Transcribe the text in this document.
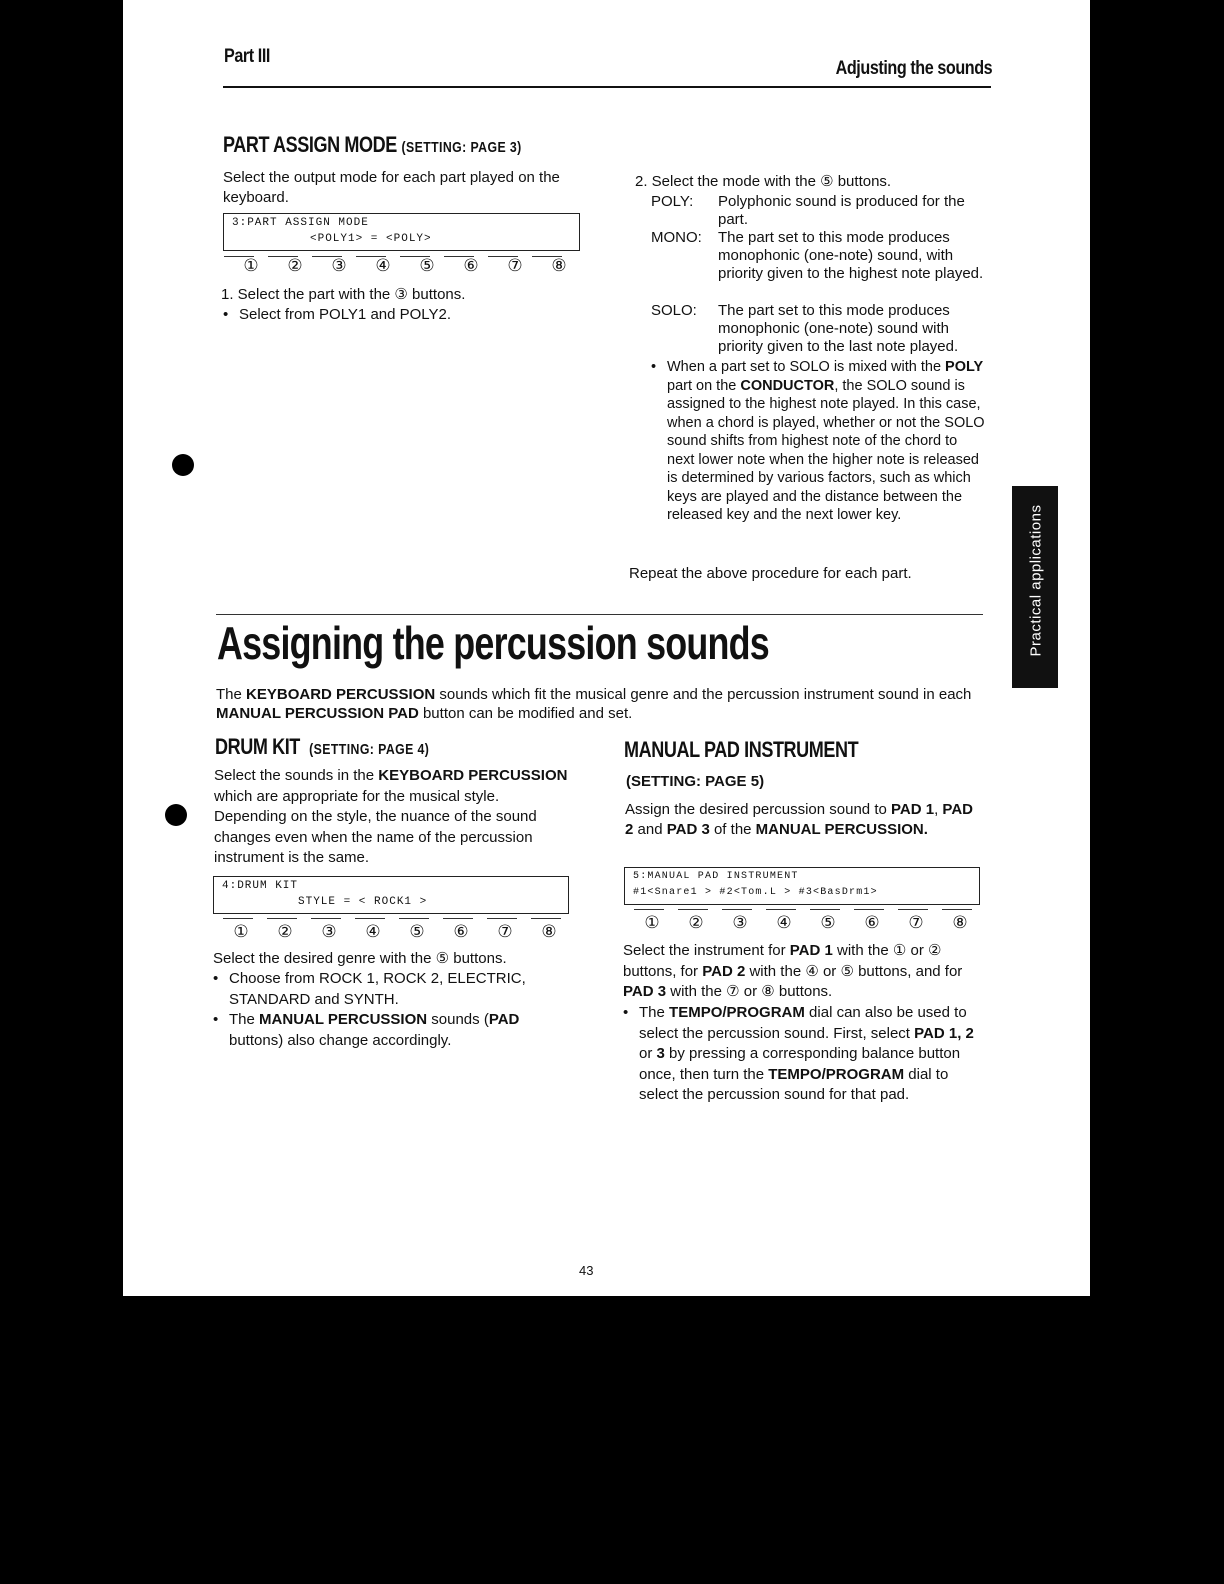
Part III
Adjusting the sounds
PART ASSIGN MODE (SETTING: PAGE 3)

Select the output mode for each part played on the keyboard.

3:PART ASSIGN MODE
<POLY1> = <POLY>
①	②	③	④	⑤	⑥	⑦	⑧

1. Select the part with the ③ buttons.

• Select from POLY1 and POLY2.

2. Select the mode with the ⑤ buttons.

POLY: Polyphonic sound is produced for the part.
MONO: The part set to this mode produces monophonic (one-note) sound, with priority given to the highest note played.
SOLO: The part set to this mode produces monophonic (one-note) sound with priority given to the last note played.
• When a part set to SOLO is mixed with the POLY part on the CONDUCTOR, the SOLO sound is assigned to the highest note played. In this case, when a chord is played, whether or not the SOLO sound shifts from highest note of the chord to next lower note when the higher note is released is determined by various factors, such as which keys are played and the distance between the released key and the next lower key.

Repeat the above procedure for each part.

Assigning the percussion sounds

The KEYBOARD PERCUSSION sounds which fit the musical genre and the percussion instrument sound in each MANUAL PERCUSSION PAD button can be modified and set.

DRUM KIT (SETTING: PAGE 4)

Select the sounds in the KEYBOARD PERCUSSION which are appropriate for the musical style. Depending on the style, the nuance of the sound changes even when the name of the percussion instrument is the same.

4:DRUM KIT
STYLE = < ROCK1 >
①	②	③	④	⑤	⑥	⑦	⑧

Select the desired genre with the ⑤ buttons.

• Choose from ROCK 1, ROCK 2, ELECTRIC, STANDARD and SYNTH.
• The MANUAL PERCUSSION sounds (PAD buttons) also change accordingly.
MANUAL PAD INSTRUMENT

(SETTING: PAGE 5)

Assign the desired percussion sound to PAD 1, PAD 2 and PAD 3 of the MANUAL PERCUSSION.

5:MANUAL PAD INSTRUMENT
#1<Snare1 > #2<Tom.L > #3<BasDrm1>
①	②	③	④	⑤	⑥	⑦	⑧

Select the instrument for PAD 1 with the ① or ② buttons, for PAD 2 with the ④ or ⑤ buttons, and for PAD 3 with the ⑦ or ⑧ buttons.

• The TEMPO/PROGRAM dial can also be used to select the percussion sound. First, select PAD 1, 2 or 3 by pressing a corresponding balance button once, then turn the TEMPO/PROGRAM dial to select the percussion sound for that pad.
43
Practical applications
